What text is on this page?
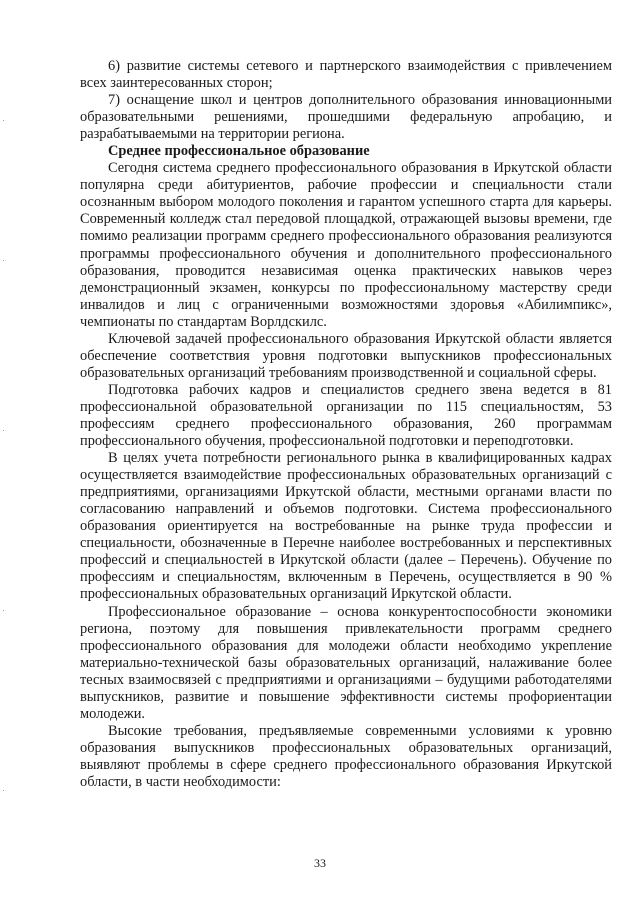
6) развитие системы сетевого и партнерского взаимодействия с привлечением всех заинтересованных сторон;

7) оснащение школ и центров дополнительного образования инновационными образовательными решениями, прошедшими федеральную апробацию, и разрабатываемыми на территории региона.

Среднее профессиональное образование

Сегодня система среднего профессионального образования в Иркутской области популярна среди абитуриентов, рабочие профессии и специальности стали осознанным выбором молодого поколения и гарантом успешного старта для карьеры. Современный колледж стал передовой площадкой, отражающей вызовы времени, где помимо реализации программ среднего профессионального образования реализуются программы профессионального обучения и дополнительного профессионального образования, проводится независимая оценка практических навыков через демонстрационный экзамен, конкурсы по профессиональному мастерству среди инвалидов и лиц с ограниченными возможностями здоровья «Абилимпикс», чемпионаты по стандартам Ворлдскилс.

Ключевой задачей профессионального образования Иркутской области является обеспечение соответствия уровня подготовки выпускников профессиональных образовательных организаций требованиям производственной и социальной сферы.

Подготовка рабочих кадров и специалистов среднего звена ведется в 81 профессиональной образовательной организации по 115 специальностям, 53 профессиям среднего профессионального образования, 260 программам профессионального обучения, профессиональной подготовки и переподготовки.

В целях учета потребности регионального рынка в квалифицированных кадрах осуществляется взаимодействие профессиональных образовательных организаций с предприятиями, организациями Иркутской области, местными органами власти по согласованию направлений и объемов подготовки. Система профессионального образования ориентируется на востребованные на рынке труда профессии и специальности, обозначенные в Перечне наиболее востребованных и перспективных профессий и специальностей в Иркутской области (далее – Перечень). Обучение по профессиям и специальностям, включенным в Перечень, осуществляется в 90 % профессиональных образовательных организаций Иркутской области.

Профессиональное образование – основа конкурентоспособности экономики региона, поэтому для повышения привлекательности программ среднего профессионального образования для молодежи области необходимо укрепление материально-технической базы образовательных организаций, налаживание более тесных взаимосвязей с предприятиями и организациями – будущими работодателями выпускников, развитие и повышение эффективности системы профориентации молодежи.

Высокие требования, предъявляемые современными условиями к уровню образования выпускников профессиональных образовательных организаций, выявляют проблемы в сфере среднего профессионального образования Иркутской области, в части необходимости:

33
